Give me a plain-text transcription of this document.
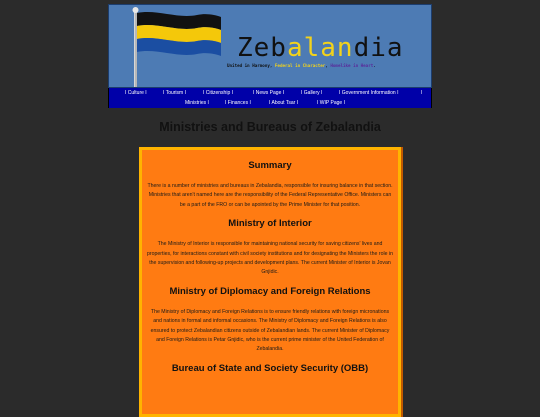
Zebalandia
United in Harmony, Federal in Character, Homelike in Heart.
I Culture I	I Tourism I	I Citizenship I	I News Page I	I Gallery I	I Government Information I	I
Ministries I	I Finances I	I About Tsar I	I WIP Page I
Ministries and Bureaus of Zebalandia

Summary

There is a number of ministries and bureaus in Zebalandia, responsible for insuring balance in that section. Ministries that aren't named here are the responsibility of the Federal Representative Office. Ministers can be a part of the FRO or can be apointed by the Prime Minister for that position.

Ministry of Interior

The Ministry of Interior is responsible for maintaining national security for saving citizens' lives and properties, for interactions constant with civil society institutions and for designating the Ministers the role in the supervision and following-up projects and development plans. The current Minister of Interior is Jovan Gnjidic.

Ministry of Diplomacy and Foreign Relations

The Ministry of Diplomacy and Foreign Relations is to ensure friendly relations with foreign micronations and nations in formal and informal occasions. The Ministry of Diplomacy and Foreign Relations is also ensured to protect Zebalandian citizens outside of Zebalandian lands. The current Minister of Diplomacy and Foreign Relations is Petar Gnjidic, who is the current prime minister of the United Federation of Zebalandia.

Bureau of State and Society Security (OBB)
